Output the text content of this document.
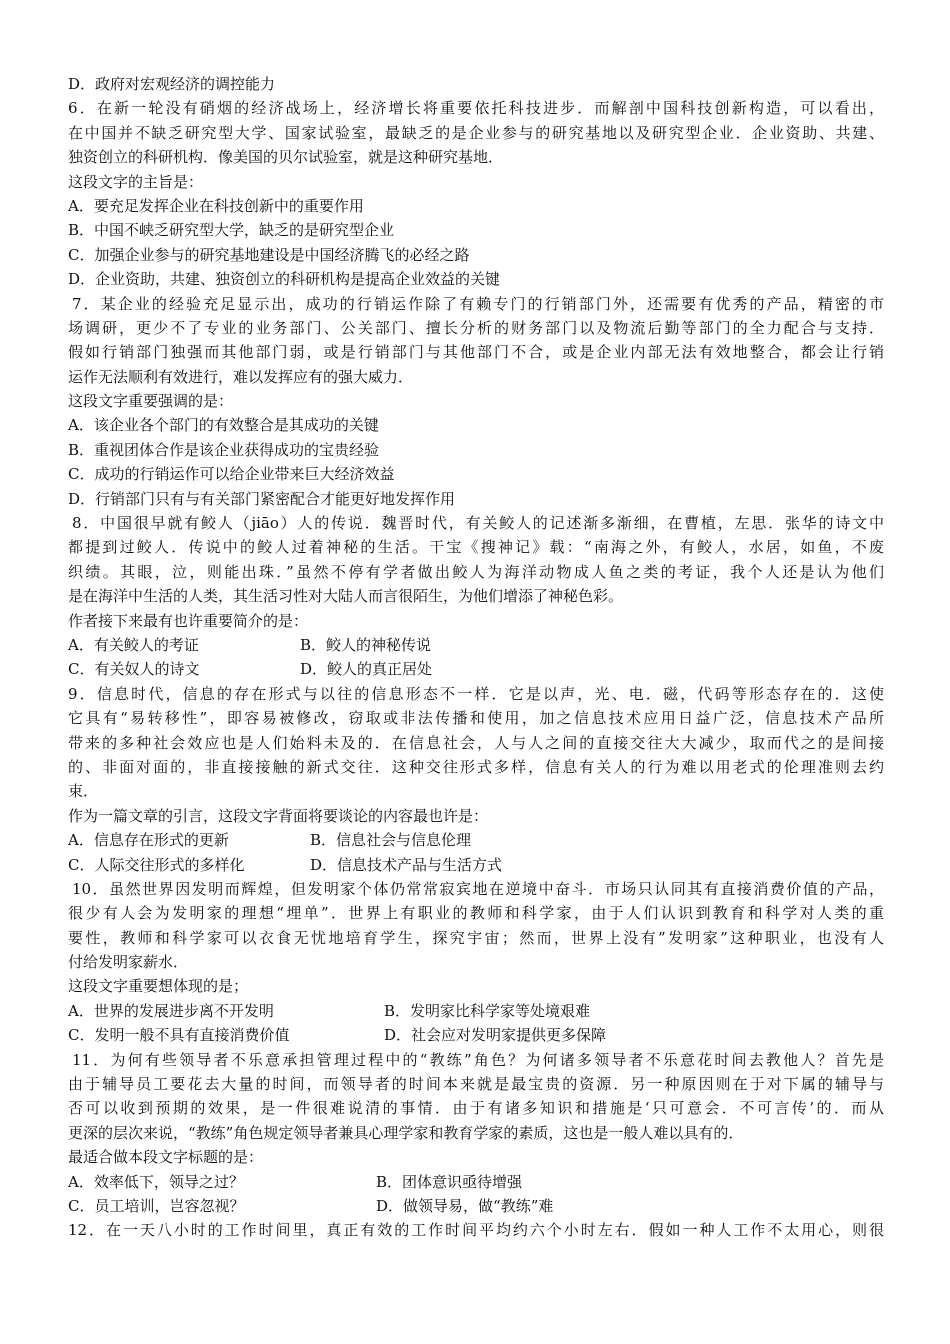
D．政府对宏观经济的调控能力
6．在新一轮没有硝烟的经济战场上，经济增长将重要依托科技进步．而解剖中国科技创新构造，可以看出，
在中国并不缺乏研究型大学、国家试验室，最缺乏的是企业参与的研究基地以及研究型企业．企业资助、共建、
独资创立的科研机构．像美国的贝尔试验室，就是这种研究基地．
这段文字的主旨是：
A．要充足发挥企业在科技创新中的重要作用
B．中国不峡乏研究型大学，缺乏的是研究型企业
C．加强企业参与的研究基地建设是中国经济腾飞的必经之路
D．企业资助，共建、独资创立的科研机构是提高企业效益的关键
7．某企业的经验充足显示出，成功的行销运作除了有赖专门的行销部门外，还需要有优秀的产品，精密的市
场调研，更少不了专业的业务部门、公关部门、擅长分析的财务部门以及物流后勤等部门的全力配合与支持．
假如行销部门独强而其他部门弱，或是行销部门与其他部门不合，或是企业内部无法有效地整合，都会让行销
运作无法顺利有效进行，难以发挥应有的强大威力．
这段文字重要强调的是：
A．该企业各个部门的有效整合是其成功的关键
B．重视团体合作是该企业获得成功的宝贵经验
C．成功的行销运作可以给企业带来巨大经济效益
D．行销部门只有与有关部门紧密配合才能更好地发挥作用
8．中国很早就有鲛人（jiāo）人的传说．魏晋时代，有关鲛人的记述渐多渐细，在曹植，左思．张华的诗文中
都提到过鲛人．传说中的鲛人过着神秘的生活。干宝《搜神记》载：“南海之外，有鲛人，水居，如鱼，不废
织绩。其眼，泣，则能出珠．”虽然不停有学者做出鲛人为海洋动物成人鱼之类的考证，我个人还是认为他们
是在海洋中生活的人类，其生活习性对大陆人而言很陌生，为他们增添了神秘色彩。
作者接下来最有也许重要简介的是：
A．有关鲛人的考证	B．鲛人的神秘传说
C．有关奴人的诗文	D．鲛人的真正居处
9．信息时代，信息的存在形式与以往的信息形态不一样．它是以声，光、电．磁，代码等形态存在的．这使
它具有“易转移性”，即容易被修改，窃取或非法传播和使用，加之信息技术应用日益广泛，信息技术产品所
带来的多种社会效应也是人们始料未及的．在信息社会，人与人之间的直接交往大大减少，取而代之的是间接
的、非面对面的，非直接接触的新式交往．这种交往形式多样，信息有关人的行为难以用老式的伦理准则去约
束．
作为一篇文章的引言，这段文字背面将要谈论的内容最也许是：
A．信息存在形式的更新	B．信息社会与信息伦理
C．人际交往形式的多样化	D．信息技术产品与生活方式
10．虽然世界因发明而辉煌，但发明家个体仍常常寂宾地在逆境中奋斗．市场只认同其有直接消费价值的产品，
很少有人会为发明家的理想“埋单”．世界上有职业的教师和科学家，由于人们认识到教育和科学对人类的重
要性，教师和科学家可以衣食无忧地培育学生，探究宇宙；然而，世界上没有”发明家”这种职业，也没有人
付给发明家薪水．
这段文字重要想体现的是；
A．世界的发展进步离不开发明	B．发明家比科学家等处境艰难
C．发明一般不具有直接消费价值	D．社会应对发明家提供更多保障
11．为何有些领导者不乐意承担管理过程中的“教练”角色？为何诸多领导者不乐意花时间去教他人？首先是
由于辅导员工要花去大量的时间，而领导者的时间本来就是最宝贵的资源．另一种原因则在于对下属的辅导与
否可以收到预期的效果，是一件很难说清的事情．由于有诸多知识和措施是‘只可意会．不可言传’的．而从
更深的层次来说，“教练”角色规定领导者兼具心理学家和教育学家的素质，这也是一般人难以具有的．
最适合做本段文字标题的是：
A．效率低下，领导之过？	B．团体意识亟待增强
C．员工培训，岂容忽视？	D．做领导易，做“教练”难
12．在一天八小时的工作时间里，真正有效的工作时间平均约六个小时左右．假如一种人工作不太用心，则很
